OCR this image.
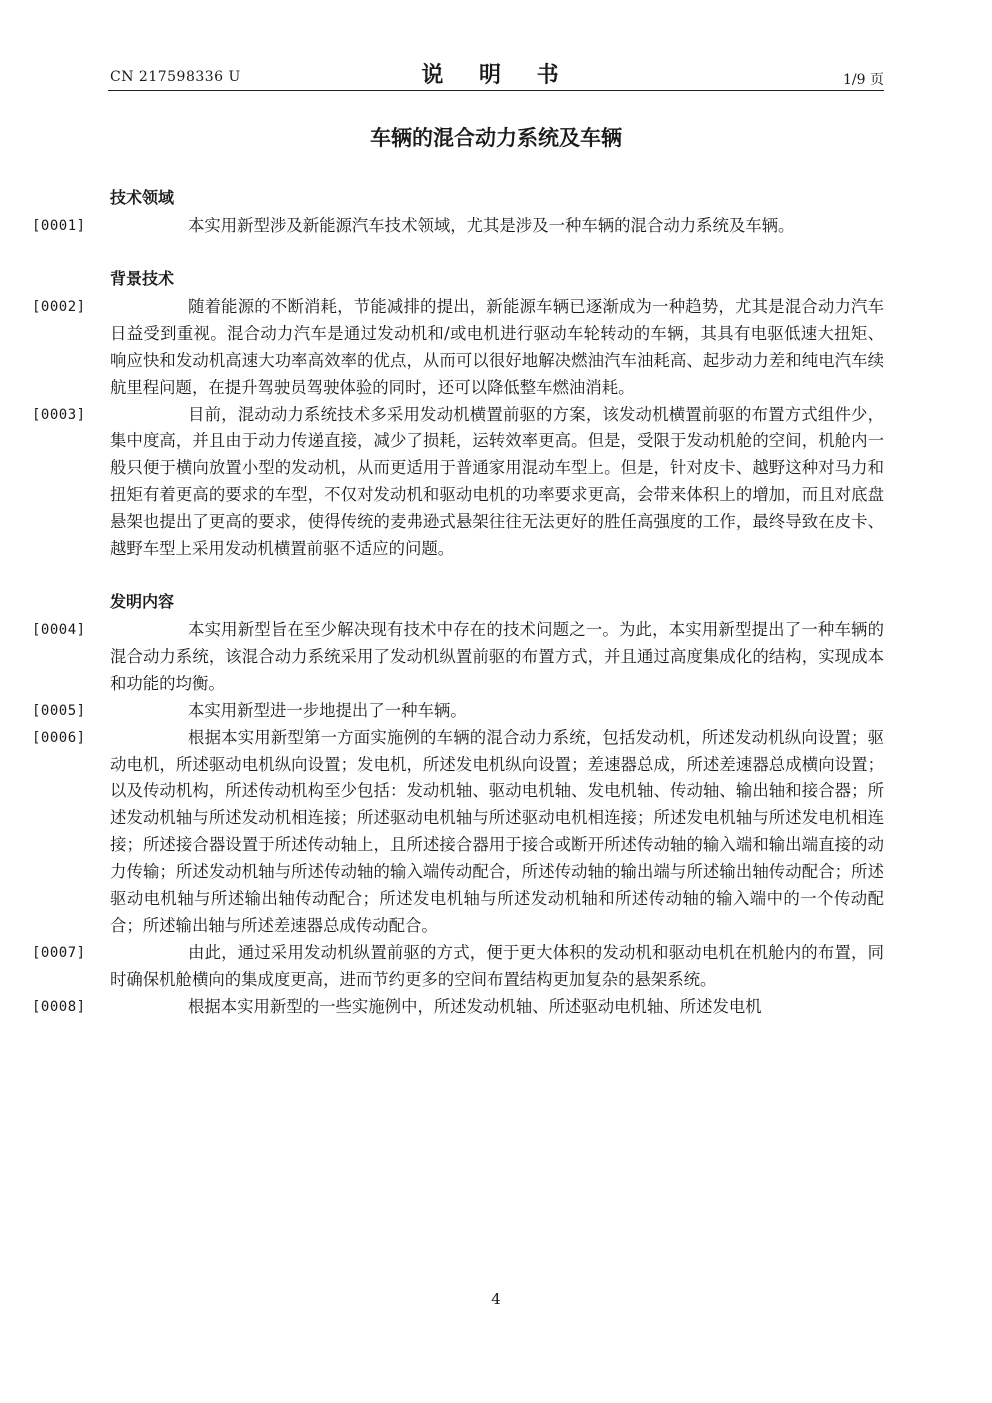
CN 217598336 U	说 明 书	1/9 页
车辆的混合动力系统及车辆
技术领域
[0001]	本实用新型涉及新能源汽车技术领域，尤其是涉及一种车辆的混合动力系统及车辆。
背景技术
[0002]	随着能源的不断消耗，节能减排的提出，新能源车辆已逐渐成为一种趋势，尤其是混合动力汽车日益受到重视。混合动力汽车是通过发动机和/或电机进行驱动车轮转动的车辆，其具有电驱低速大扭矩、响应快和发动机高速大功率高效率的优点，从而可以很好地解决燃油汽车油耗高、起步动力差和纯电汽车续航里程问题，在提升驾驶员驾驶体验的同时，还可以降低整车燃油消耗。
[0003]	目前，混动动力系统技术多采用发动机横置前驱的方案，该发动机横置前驱的布置方式组件少，集中度高，并且由于动力传递直接，减少了损耗，运转效率更高。但是，受限于发动机舱的空间，机舱内一般只便于横向放置小型的发动机，从而更适用于普通家用混动车型上。但是，针对皮卡、越野这种对马力和扭矩有着更高的要求的车型，不仅对发动机和驱动电机的功率要求更高，会带来体积上的增加，而且对底盘悬架也提出了更高的要求，使得传统的麦弗逊式悬架往往无法更好的胜任高强度的工作，最终导致在皮卡、越野车型上采用发动机横置前驱不适应的问题。
发明内容
[0004]	本实用新型旨在至少解决现有技术中存在的技术问题之一。为此，本实用新型提出了一种车辆的混合动力系统，该混合动力系统采用了发动机纵置前驱的布置方式，并且通过高度集成化的结构，实现成本和功能的均衡。
[0005]	本实用新型进一步地提出了一种车辆。
[0006]	根据本实用新型第一方面实施例的车辆的混合动力系统，包括发动机，所述发动机纵向设置；驱动电机，所述驱动电机纵向设置；发电机，所述发电机纵向设置；差速器总成，所述差速器总成横向设置；以及传动机构，所述传动机构至少包括：发动机轴、驱动电机轴、发电机轴、传动轴、输出轴和接合器；所述发动机轴与所述发动机相连接；所述驱动电机轴与所述驱动电机相连接；所述发电机轴与所述发电机相连接；所述接合器设置于所述传动轴上，且所述接合器用于接合或断开所述传动轴的输入端和输出端直接的动力传输；所述发动机轴与所述传动轴的输入端传动配合，所述传动轴的输出端与所述输出轴传动配合；所述驱动电机轴与所述输出轴传动配合；所述发电机轴与所述发动机轴和所述传动轴的输入端中的一个传动配合；所述输出轴与所述差速器总成传动配合。
[0007]	由此，通过采用发动机纵置前驱的方式，便于更大体积的发动机和驱动电机在机舱内的布置，同时确保机舱横向的集成度更高，进而节约更多的空间布置结构更加复杂的悬架系统。
[0008]	根据本实用新型的一些实施例中，所述发动机轴、所述驱动电机轴、所述发电机
4
